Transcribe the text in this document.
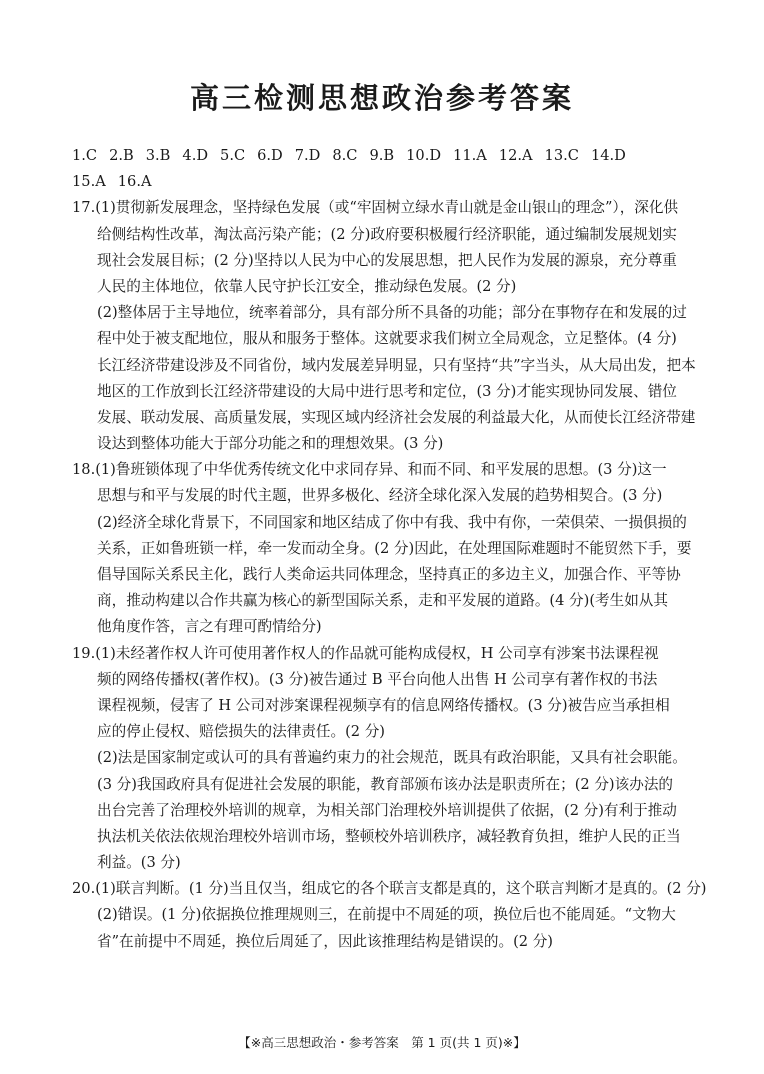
高三检测思想政治参考答案
1.C 2.B 3.B 4.D 5.C 6.D 7.D 8.C 9.B 10.D 11.A 12.A 13.C 14.D
15.A 16.A
17.(1)贯彻新发展理念，坚持绿色发展（或“牢固树立绿水青山就是金山银山的理念”），深化供
给侧结构性改革，淘汰高污染产能；(2 分)政府要积极履行经济职能，通过编制发展规划实
现社会发展目标；(2 分)坚持以人民为中心的发展思想，把人民作为发展的源泉，充分尊重
人民的主体地位，依靠人民守护长江安全，推动绿色发展。(2 分)
(2)整体居于主导地位，统率着部分，具有部分所不具备的功能；部分在事物存在和发展的过
程中处于被支配地位，服从和服务于整体。这就要求我们树立全局观念，立足整体。(4 分)
长江经济带建设涉及不同省份，域内发展差异明显，只有坚持“共”字当头，从大局出发，把本
地区的工作放到长江经济带建设的大局中进行思考和定位，(3 分)才能实现协同发展、错位
发展、联动发展、高质量发展，实现区域内经济社会发展的利益最大化，从而使长江经济带建
设达到整体功能大于部分功能之和的理想效果。(3 分)
18.(1)鲁班锁体现了中华优秀传统文化中求同存异、和而不同、和平发展的思想。(3 分)这一
思想与和平与发展的时代主题，世界多极化、经济全球化深入发展的趋势相契合。(3 分)
(2)经济全球化背景下，不同国家和地区结成了你中有我、我中有你，一荣俱荣、一损俱损的
关系，正如鲁班锁一样，牵一发而动全身。(2 分)因此，在处理国际难题时不能贸然下手，要
倡导国际关系民主化，践行人类命运共同体理念，坚持真正的多边主义，加强合作、平等协
商，推动构建以合作共赢为核心的新型国际关系，走和平发展的道路。(4 分)(考生如从其
他角度作答，言之有理可酌情给分)
19.(1)未经著作权人许可使用著作权人的作品就可能构成侵权，H 公司享有涉案书法课程视
频的网络传播权(著作权)。(3 分)被告通过 B 平台向他人出售 H 公司享有著作权的书法
课程视频，侵害了 H 公司对涉案课程视频享有的信息网络传播权。(3 分)被告应当承担相
应的停止侵权、赔偿损失的法律责任。(2 分)
(2)法是国家制定或认可的具有普遍约束力的社会规范，既具有政治职能，又具有社会职能。
(3 分)我国政府具有促进社会发展的职能，教育部颁布该办法是职责所在；(2 分)该办法的
出台完善了治理校外培训的规章，为相关部门治理校外培训提供了依据，(2 分)有利于推动
执法机关依法依规治理校外培训市场，整顿校外培训秩序，减轻教育负担，维护人民的正当
利益。(3 分)
20.(1)联言判断。(1 分)当且仅当，组成它的各个联言支都是真的，这个联言判断才是真的。(2 分)
(2)错误。(1 分)依据换位推理规则三，在前提中不周延的项，换位后也不能周延。“文物大
省”在前提中不周延，换位后周延了，因此该推理结构是错误的。(2 分)
【※高三思想政治・参考答案　第 1 页(共 1 页)※】
